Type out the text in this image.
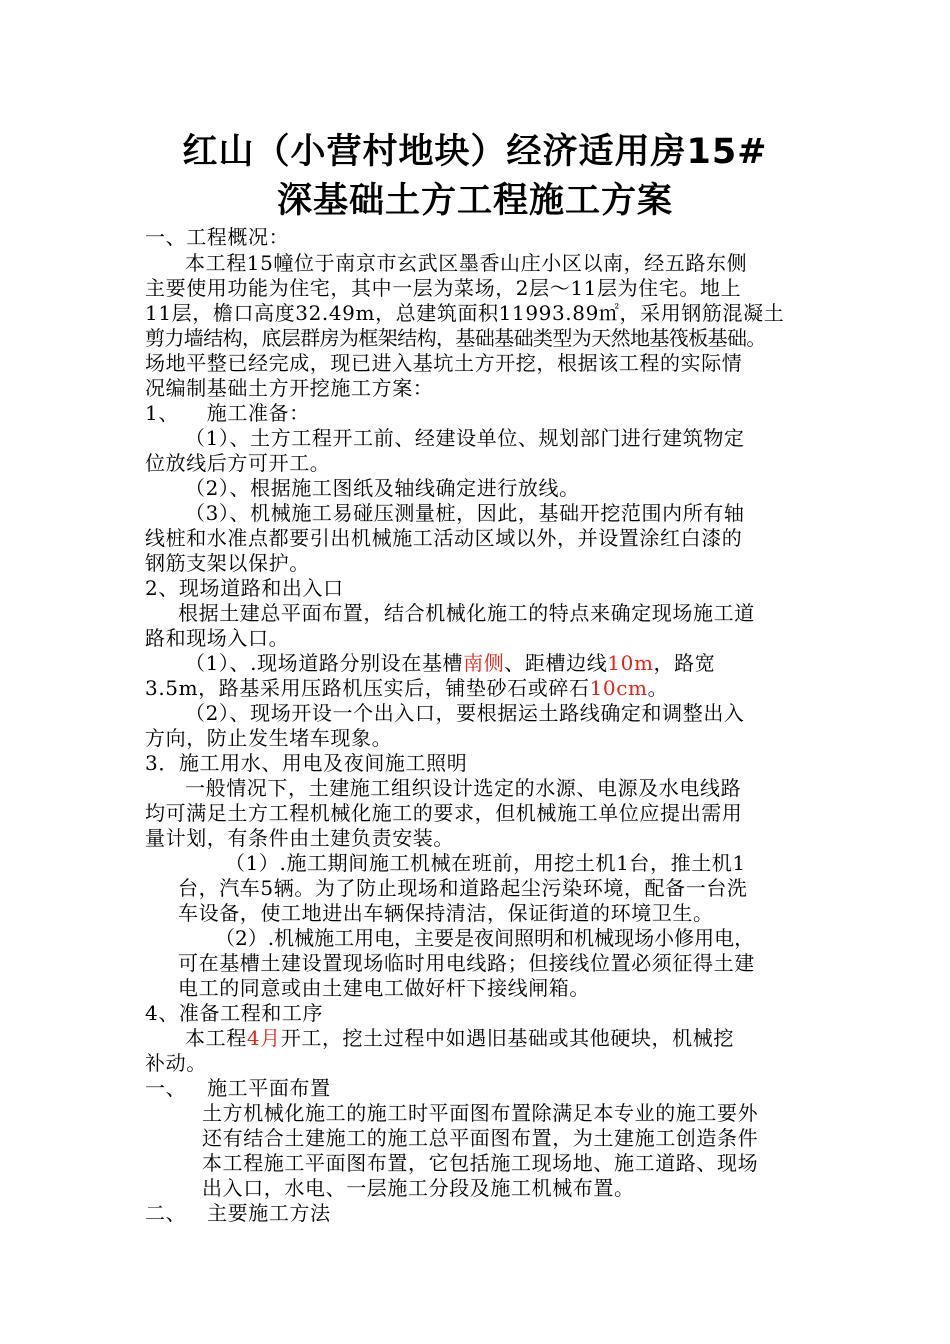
红山（小营村地块）经济适用房15#
深基础土方工程施工方案
一、工程概况：
本工程15幢位于南京市玄武区墨香山庄小区以南，经五路东侧
主要使用功能为住宅，其中一层为菜场，2层～11层为住宅。地上
11层，檐口高度32.49m，总建筑面积11993.89㎡，采用钢筋混凝土
剪力墙结构，底层群房为框架结构，基础基础类型为天然地基筏板基础。
场地平整已经完成，现已进入基坑土方开挖，根据该工程的实际情
况编制基础土方开挖施工方案：
1、    施工准备：
（1）、土方工程开工前、经建设单位、规划部门进行建筑物定
位放线后方可开工。
（2）、根据施工图纸及轴线确定进行放线。
（3）、机械施工易碰压测量桩，因此，基础开挖范围内所有轴
线桩和水准点都要引出机械施工活动区域以外，并设置涂红白漆的
钢筋支架以保护。
2、现场道路和出入口
根据土建总平面布置，结合机械化施工的特点来确定现场施工道
路和现场入口。
（1）、.现场道路分别设在基槽南侧、距槽边线10m，路宽
3.5m，路基采用压路机压实后，铺垫砂石或碎石10cm。
（2）、现场开设一个出入口，要根据运土路线确定和调整出入
方向，防止发生堵车现象。
3．施工用水、用电及夜间施工照明
一般情况下，土建施工组织设计选定的水源、电源及水电线路
均可满足土方工程机械化施工的要求，但机械施工单位应提出需用
量计划，有条件由土建负责安装。
（1）.施工期间施工机械在班前，用挖土机1台，推土机1
台，汽车5辆。为了防止现场和道路起尘污染环境，配备一台洗
车设备，使工地进出车辆保持清洁，保证街道的环境卫生。
（2）.机械施工用电，主要是夜间照明和机械现场小修用电，
可在基槽土建设置现场临时用电线路；但接线位置必须征得土建
电工的同意或由土建电工做好杆下接线闸箱。
4、准备工程和工序
本工程4月开工，挖土过程中如遇旧基础或其他硬块，机械挖
补动。
一、   施工平面布置
土方机械化施工的施工时平面图布置除满足本专业的施工要外
还有结合土建施工的施工总平面图布置，为土建施工创造条件
本工程施工平面图布置，它包括施工现场地、施工道路、现场
出入口，水电、一层施工分段及施工机械布置。
二、   主要施工方法
